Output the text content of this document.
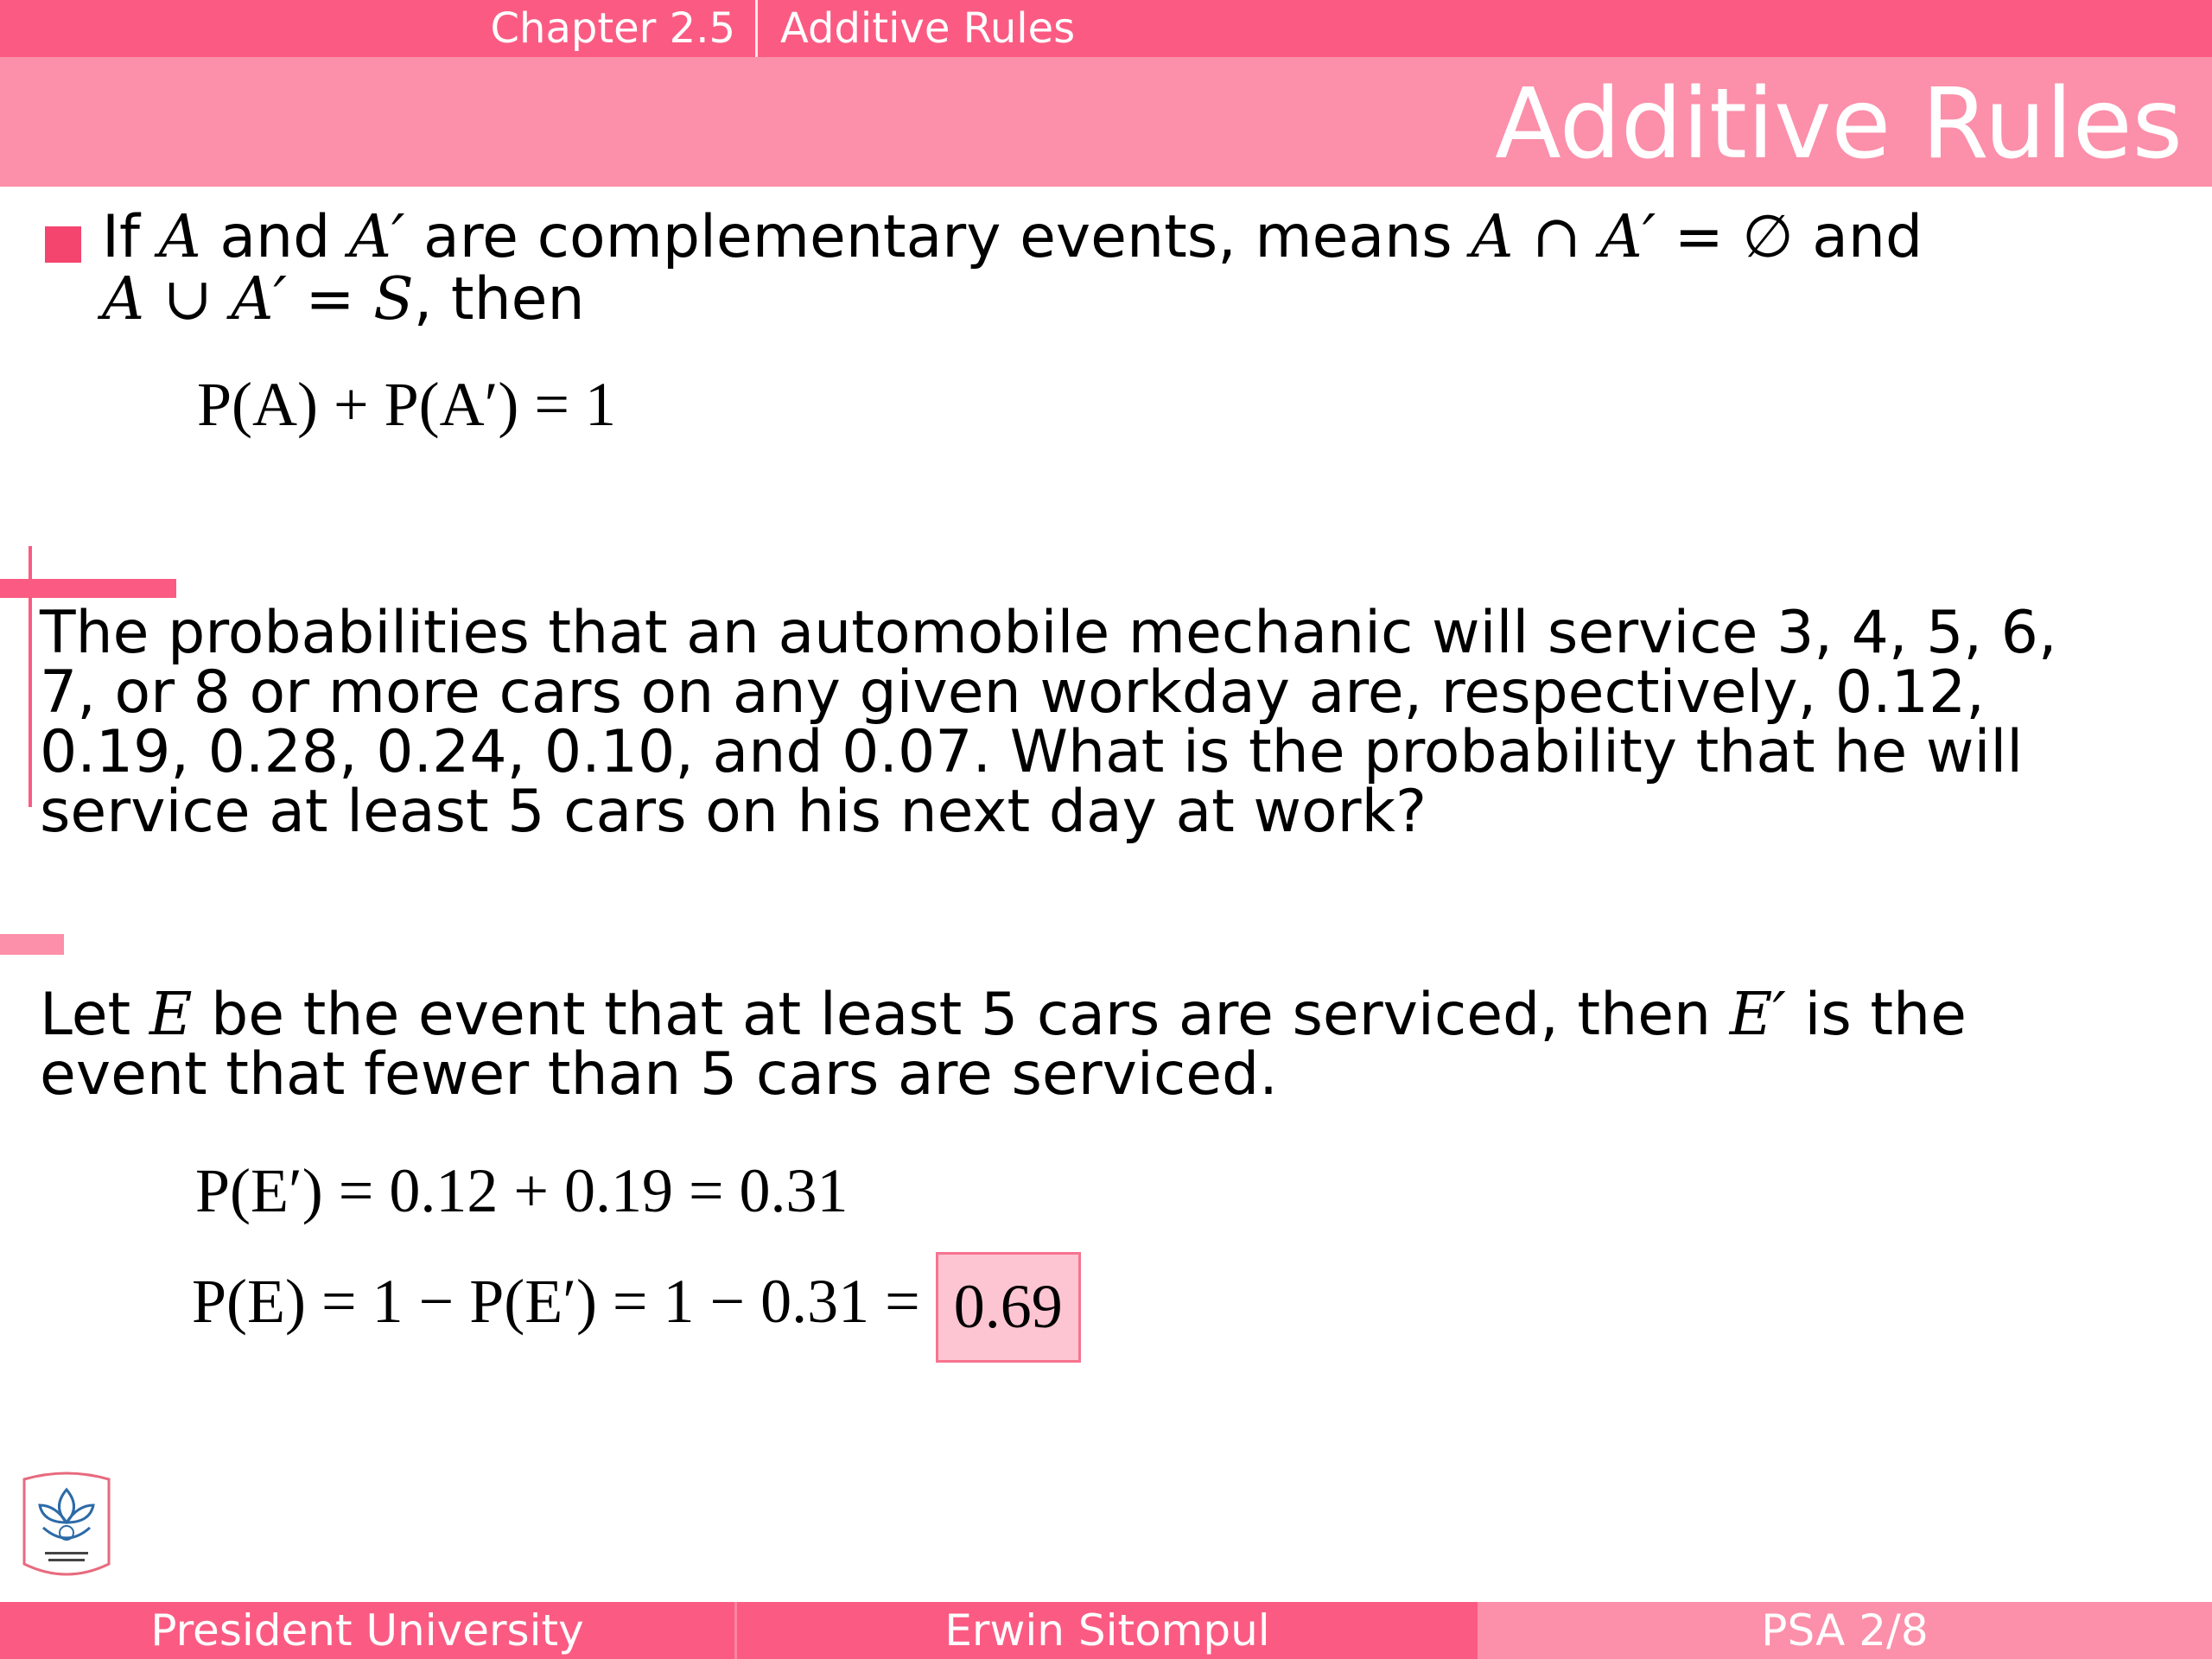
Chapter 2.5	Additive Rules
Additive Rules
If A and A′ are complementary events, means A ∩ A′ = ∅ and
A ∪ A′ = S, then
P(A) + P(A′) = 1
The probabilities that an automobile mechanic will service 3, 4, 5, 6,
7, or 8 or more cars on any given workday are, respectively, 0.12,
0.19, 0.28, 0.24, 0.10, and 0.07. What is the probability that he will
service at least 5 cars on his next day at work?
Let E be the event that at least 5 cars are serviced, then E′ is the
event that fewer than 5 cars are serviced.
P(E′) = 0.12 + 0.19 = 0.31
P(E) = 1 − P(E′) = 1 − 0.31 = 0.69
President University	Erwin Sitompul	PSA 2/8
